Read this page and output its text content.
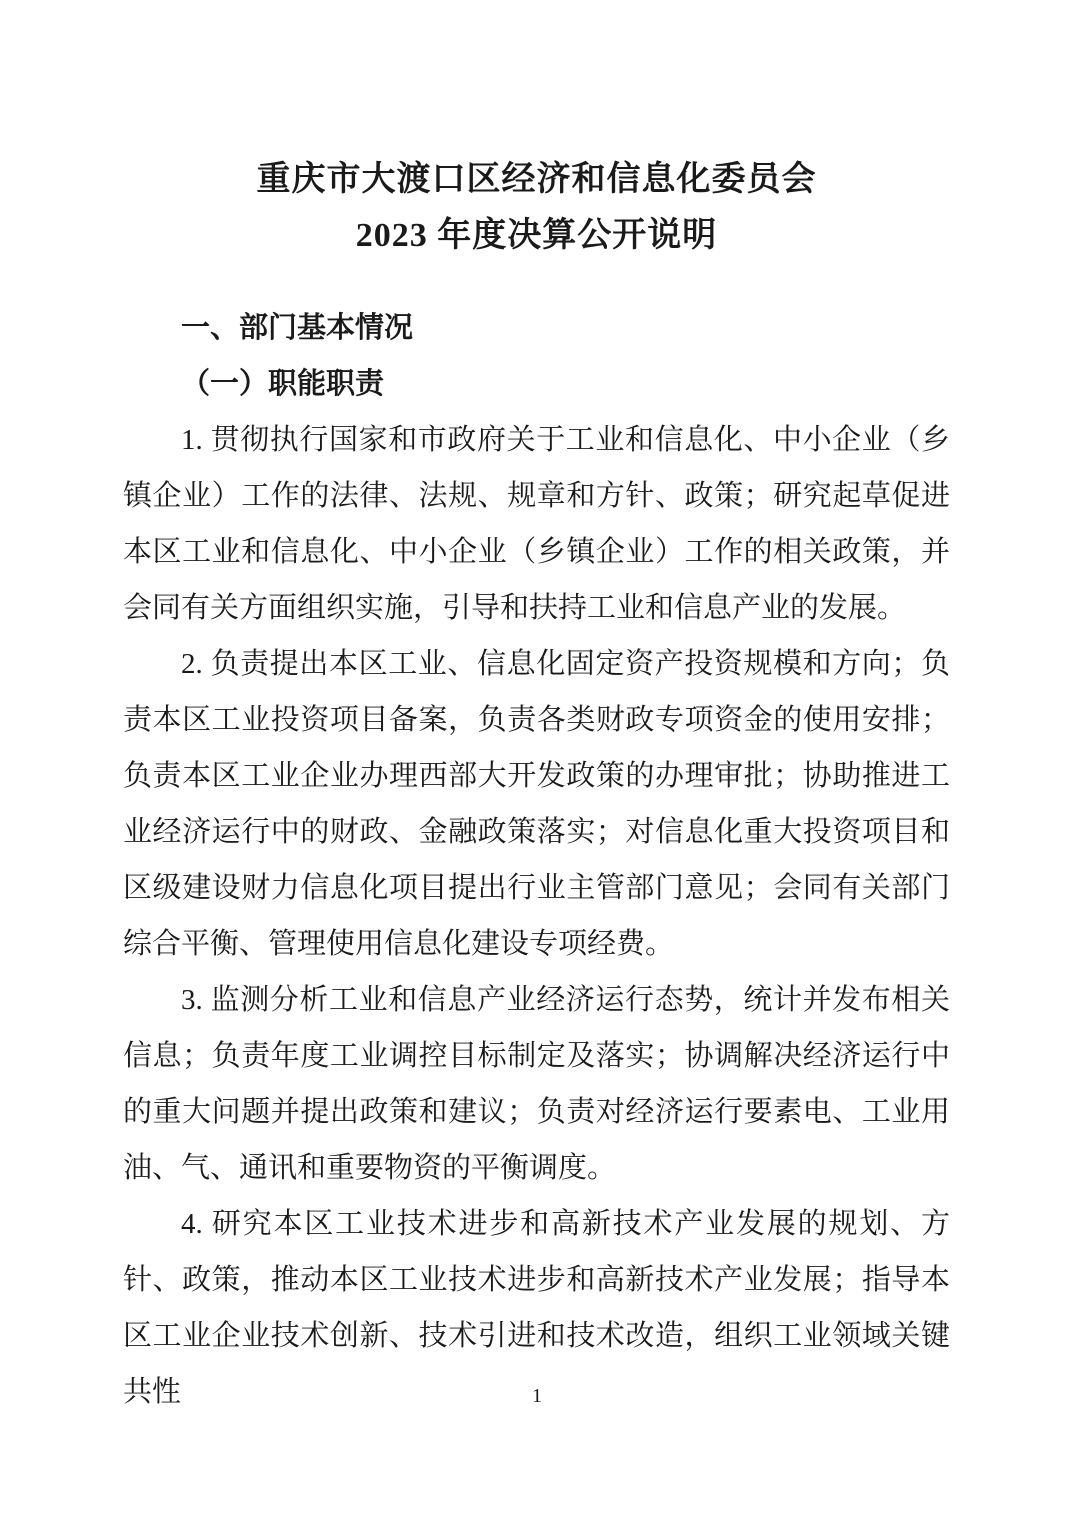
重庆市大渡口区经济和信息化委员会
2023 年度决算公开说明
一、部门基本情况
（一）职能职责

1. 贯彻执行国家和市政府关于工业和信息化、中小企业（乡镇企业）工作的法律、法规、规章和方针、政策；研究起草促进本区工业和信息化、中小企业（乡镇企业）工作的相关政策，并会同有关方面组织实施，引导和扶持工业和信息产业的发展。

2. 负责提出本区工业、信息化固定资产投资规模和方向；负责本区工业投资项目备案，负责各类财政专项资金的使用安排；负责本区工业企业办理西部大开发政策的办理审批；协助推进工业经济运行中的财政、金融政策落实；对信息化重大投资项目和区级建设财力信息化项目提出行业主管部门意见；会同有关部门综合平衡、管理使用信息化建设专项经费。

3. 监测分析工业和信息产业经济运行态势，统计并发布相关信息；负责年度工业调控目标制定及落实；协调解决经济运行中的重大问题并提出政策和建议；负责对经济运行要素电、工业用油、气、通讯和重要物资的平衡调度。

4. 研究本区工业技术进步和高新技术产业发展的规划、方针、政策，推动本区工业技术进步和高新技术产业发展；指导本区工业企业技术创新、技术引进和技术改造，组织工业领域关键共性	1
